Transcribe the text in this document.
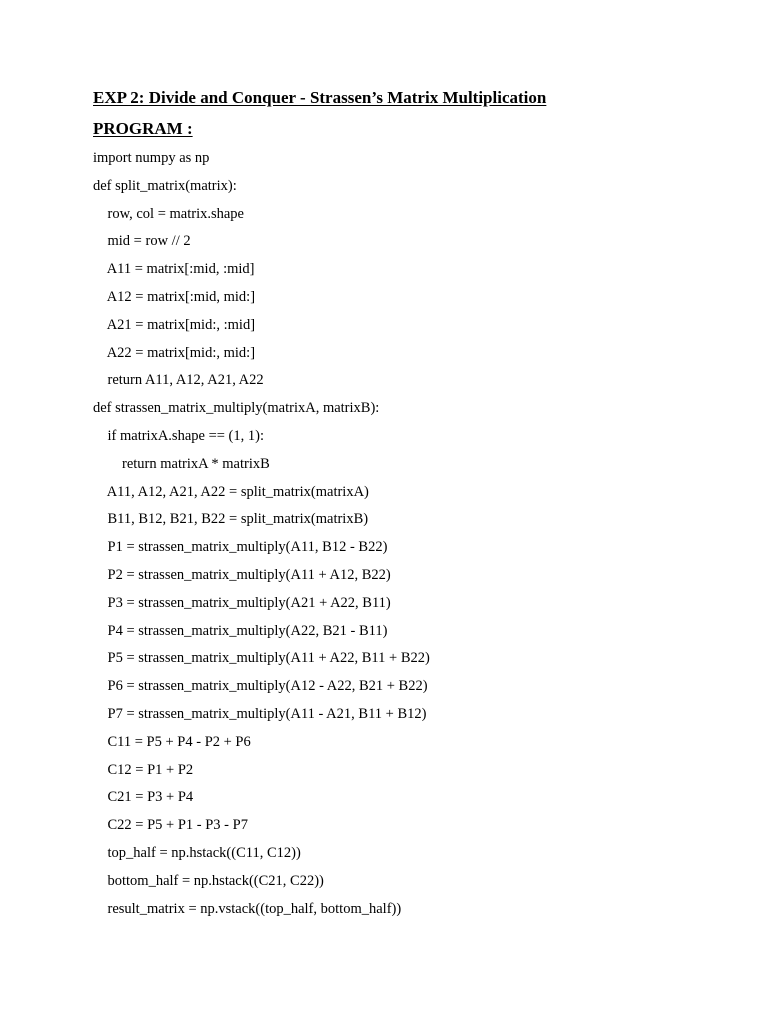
EXP 2: Divide and Conquer - Strassen’s Matrix Multiplication
PROGRAM :
import numpy as np
def split_matrix(matrix):
row, col = matrix.shape
mid = row // 2
A11 = matrix[:mid, :mid]
A12 = matrix[:mid, mid:]
A21 = matrix[mid:, :mid]
A22 = matrix[mid:, mid:]
return A11, A12, A21, A22
def strassen_matrix_multiply(matrixA, matrixB):
if matrixA.shape == (1, 1):
return matrixA * matrixB
A11, A12, A21, A22 = split_matrix(matrixA)
B11, B12, B21, B22 = split_matrix(matrixB)
P1 = strassen_matrix_multiply(A11, B12 - B22)
P2 = strassen_matrix_multiply(A11 + A12, B22)
P3 = strassen_matrix_multiply(A21 + A22, B11)
P4 = strassen_matrix_multiply(A22, B21 - B11)
P5 = strassen_matrix_multiply(A11 + A22, B11 + B22)
P6 = strassen_matrix_multiply(A12 - A22, B21 + B22)
P7 = strassen_matrix_multiply(A11 - A21, B11 + B12)
C11 = P5 + P4 - P2 + P6
C12 = P1 + P2
C21 = P3 + P4
C22 = P5 + P1 - P3 - P7
top_half = np.hstack((C11, C12))
bottom_half = np.hstack((C21, C22))
result_matrix = np.vstack((top_half, bottom_half))
